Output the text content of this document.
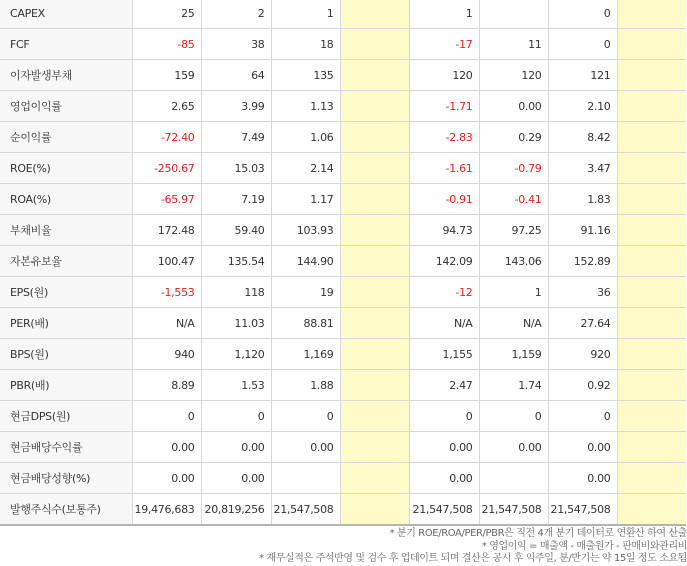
CAPEX	25	2	1		1		0	
FCF	-85	38	18		-17	11	0	
이자발생부채	159	64	135		120	120	121	
영업이익률	2.65	3.99	1.13		-1.71	0.00	2.10	
순이익률	-72.40	7.49	1.06		-2.83	0.29	8.42	
ROE(%)	-250.67	15.03	2.14		-1.61	-0.79	3.47	
ROA(%)	-65.97	7.19	1.17		-0.91	-0.41	1.83	
부채비율	172.48	59.40	103.93		94.73	97.25	91.16	
자본유보율	100.47	135.54	144.90		142.09	143.06	152.89	
EPS(원)	-1,553	118	19		-12	1	36	
PER(배)	N/A	11.03	88.81		N/A	N/A	27.64	
BPS(원)	940	1,120	1,169		1,155	1,159	920	
PBR(배)	8.89	1.53	1.88		2.47	1.74	0.92	
현금DPS(원)	0	0	0		0	0	0	
현금배당수익률	0.00	0.00	0.00		0.00	0.00	0.00	
현금배당성향(%)	0.00	0.00			0.00		0.00	
발행주식수(보통주)	19,476,683	20,819,256	21,547,508		21,547,508	21,547,508	21,547,508	
* 분기 ROE/ROA/PER/PBR은 직전 4개 분기 데이터로 연환산 하여 산출
* 영업이익 = 매출액 - 매출원가 - 판매비와관리비
* 재무실적은 주석반영 및 검수 후 업데이트 되며 결산은 공시 후 익주일, 분/반기는 약 15일 정도 소요됨
